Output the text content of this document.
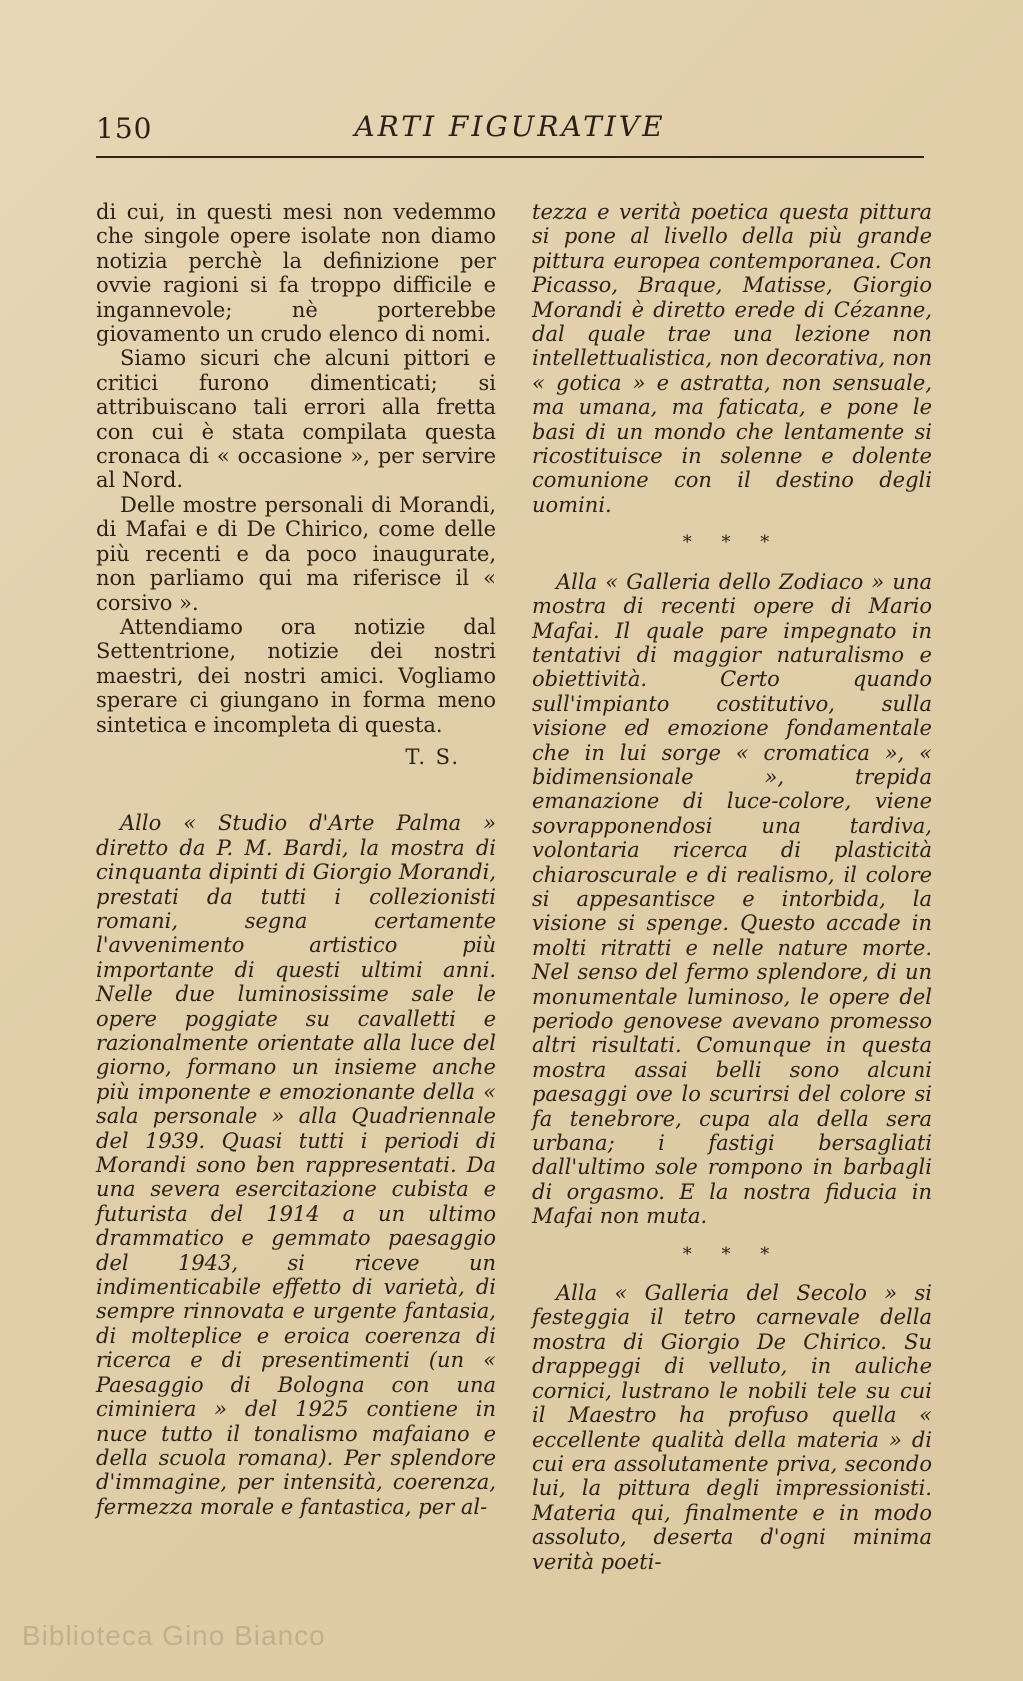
150	ARTI FIGURATIVE

di cui, in questi mesi non vedemmo che singole opere isolate non diamo notizia perchè la definizione per ovvie ragioni si fa troppo difficile e ingannevole; nè porterebbe giovamento un crudo elenco di nomi.

Siamo sicuri che alcuni pittori e critici furono dimenticati; si attribuiscano tali errori alla fretta con cui è stata compilata questa cronaca di « occasione », per servire al Nord.

Delle mostre personali di Morandi, di Mafai e di De Chirico, come delle più recenti e da poco inaugurate, non parliamo qui ma riferisce il « corsivo ».

Attendiamo ora notizie dal Settentrione, notizie dei nostri maestri, dei nostri amici. Vogliamo sperare ci giungano in forma meno sintetica e incompleta di questa.

T. S.

Allo « Studio d'Arte Palma » diretto da P. M. Bardi, la mostra di cinquanta dipinti di Giorgio Morandi, prestati da tutti i collezionisti romani, segna certamente l'avvenimento artistico più importante di questi ultimi anni. Nelle due luminosissime sale le opere poggiate su cavalletti e razionalmente orientate alla luce del giorno, formano un insieme anche più imponente e emozionante della « sala personale » alla Quadriennale del 1939. Quasi tutti i periodi di Morandi sono ben rappresentati. Da una severa esercitazione cubista e futurista del 1914 a un ultimo drammatico e gemmato paesaggio del 1943, si riceve un indimenticabile effetto di varietà, di sempre rinnovata e urgente fantasia, di molteplice e eroica coerenza di ricerca e di presentimenti (un « Paesaggio di Bologna con una ciminiera » del 1925 contiene in nuce tutto il tonalismo mafaiano e della scuola romana). Per splendore d'immagine, per intensità, coerenza, fermezza morale e fantastica, per al-

tezza e verità poetica questa pittura si pone al livello della più grande pittura europea contemporanea. Con Picasso, Braque, Matisse, Giorgio Morandi è diretto erede di Cézanne, dal quale trae una lezione non intellettualistica, non decorativa, non « gotica » e astratta, non sensuale, ma umana, ma faticata, e pone le basi di un mondo che lentamente si ricostituisce in solenne e dolente comunione con il destino degli uomini.

* * *

Alla « Galleria dello Zodiaco » una mostra di recenti opere di Mario Mafai. Il quale pare impegnato in tentativi di maggior naturalismo e obiettività. Certo quando sull'impianto costitutivo, sulla visione ed emozione fondamentale che in lui sorge « cromatica », « bidimensionale », trepida emanazione di luce-colore, viene sovrapponendosi una tardiva, volontaria ricerca di plasticità chiaroscurale e di realismo, il colore si appesantisce e intorbida, la visione si spenge. Questo accade in molti ritratti e nelle nature morte. Nel senso del fermo splendore, di un monumentale luminoso, le opere del periodo genovese avevano promesso altri risultati. Comunque in questa mostra assai belli sono alcuni paesaggi ove lo scurirsi del colore si fa tenebrore, cupa ala della sera urbana; i fastigi bersagliati dall'ultimo sole rompono in barbagli di orgasmo. E la nostra fiducia in Mafai non muta.

* * *

Alla « Galleria del Secolo » si festeggia il tetro carnevale della mostra di Giorgio De Chirico. Su drappeggi di velluto, in auliche cornici, lustrano le nobili tele su cui il Maestro ha profuso quella « eccellente qualità della materia » di cui era assolutamente priva, secondo lui, la pittura degli impressionisti. Materia qui, finalmente e in modo assoluto, deserta d'ogni minima verità poeti-

Biblioteca Gino Bianco
